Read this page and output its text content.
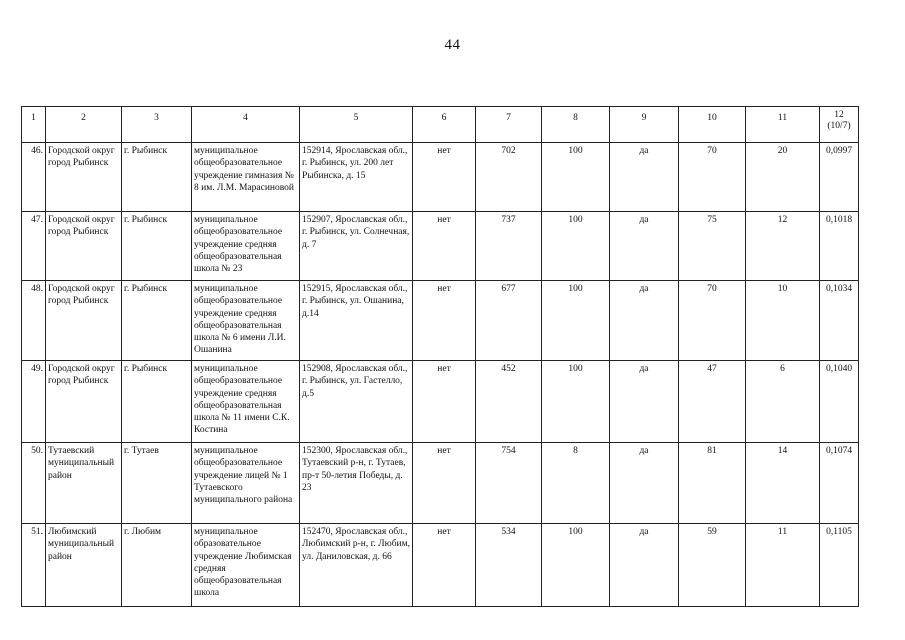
44
1	2	3	4	5	6	7	8	9	10	11	12
(10/7)
46.	Городской округ город Рыбинск	г. Рыбинск	муниципальное общеобразовательное учреждение гимназия № 8 им. Л.М. Марасиновой	152914, Ярославская обл., г. Рыбинск, ул. 200 лет Рыбинска, д. 15	нет	702	100	да	70	20	0,0997
47.	Городской округ город Рыбинск	г. Рыбинск	муниципальное общеобразовательное учреждение средняя общеобразовательная школа № 23	152907, Ярославская обл., г. Рыбинск, ул. Солнечная, д. 7	нет	737	100	да	75	12	0,1018
48.	Городской округ город Рыбинск	г. Рыбинск	муниципальное общеобразовательное учреждение средняя общеобразовательная школа № 6 имени Л.И. Ошанина	152915, Ярославская обл., г. Рыбинск, ул. Ошанина, д.14	нет	677	100	да	70	10	0,1034
49.	Городской округ город Рыбинск	г. Рыбинск	муниципальное общеобразовательное учреждение средняя общеобразовательная школа № 11 имени С.К. Костина	152908, Ярославская обл., г. Рыбинск, ул. Гастелло, д.5	нет	452	100	да	47	6	0,1040
50.	Тутаевский муниципальный район	г. Тутаев	муниципальное общеобразовательное учреждение лицей № 1 Тутаевского муниципального района	152300, Ярославская обл., Тутаевский р-н, г. Тутаев, пр-т 50-летия Победы, д. 23	нет	754	8	да	81	14	0,1074
51.	Любимский муниципальный район	г. Любим	муниципальное образовательное учреждение Любимская средняя общеобразовательная школа	152470, Ярославская обл., Любимский р-н, г. Любим, ул. Даниловская, д. 66	нет	534	100	да	59	11	0,1105
